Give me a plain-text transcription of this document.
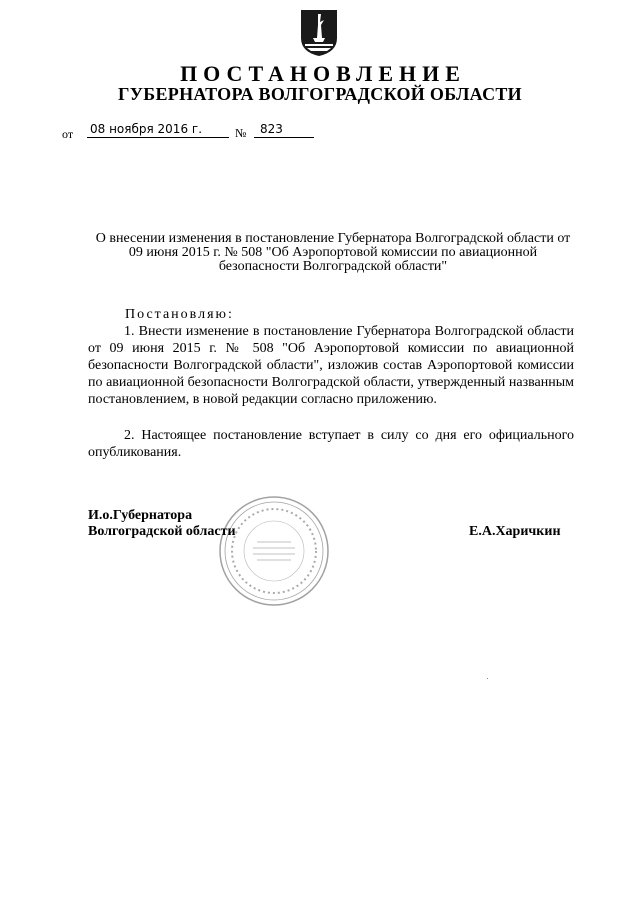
ПОСТАНОВЛЕНИЕ
ГУБЕРНАТОРА ВОЛГОГРАДСКОЙ ОБЛАСТИ
от 08 ноября 2016 г.	№	823
О внесении изменения в постановление Губернатора Волгоградской области от 09 июня 2015 г. № 508 "Об Аэропортовой комиссии по авиационной безопасности Волгоградской области"
Постановляю:
1. Внести изменение в постановление Губернатора Волгоградской области от 09 июня 2015 г. № 508 "Об Аэропортовой комиссии по авиационной безопасности Волгоградской области", изложив состав Аэропортовой комиссии по авиационной безопасности Волгоградской области, утвержденный названным постановлением, в новой редакции согласно приложению.
2. Настоящее постановление вступает в силу со дня его официального опубликования.
И.о.Губернатора
Волгоградской области	Е.А.Харичкин
